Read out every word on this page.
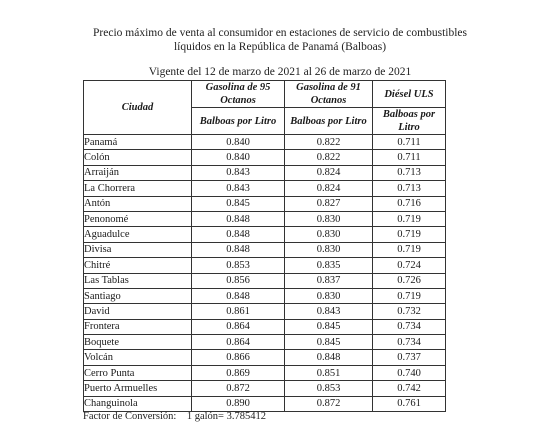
Precio máximo de venta al consumidor en estaciones de servicio de combustibles
líquidos en la República de Panamá (Balboas)
Vigente del 12 de marzo de 2021 al 26 de marzo de 2021
Ciudad	Gasolina de 95 Octanos	Gasolina de 91 Octanos	Diésel ULS
	Balboas por Litro	Balboas por Litro	Balboas por Litro
Panamá	0.840	0.822	0.711
Colón	0.840	0.822	0.711
Arraiján	0.843	0.824	0.713
La Chorrera	0.843	0.824	0.713
Antón	0.845	0.827	0.716
Penonomé	0.848	0.830	0.719
Aguadulce	0.848	0.830	0.719
Divisa	0.848	0.830	0.719
Chitré	0.853	0.835	0.724
Las Tablas	0.856	0.837	0.726
Santiago	0.848	0.830	0.719
David	0.861	0.843	0.732
Frontera	0.864	0.845	0.734
Boquete	0.864	0.845	0.734
Volcán	0.866	0.848	0.737
Cerro Punta	0.869	0.851	0.740
Puerto Armuelles	0.872	0.853	0.742
Changuinola	0.890	0.872	0.761
Factor de Conversión: 1 galón= 3.785412
